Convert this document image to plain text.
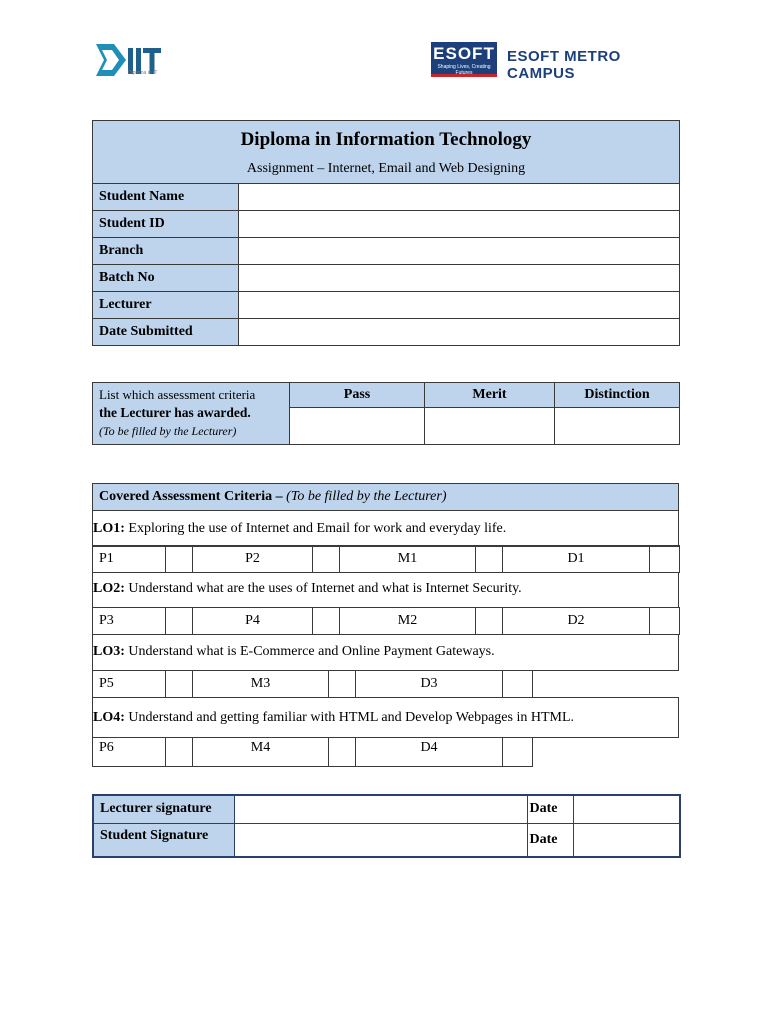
Diploma in IT
ESOFT
Shaping Lives, Creating Futures
ESOFT METRO CAMPUS
Diploma in Information Technology
Assignment – Internet, Email and Web Designing	

Student Name	
Student ID	
Branch	
Batch No	
Lecturer	
Date Submitted	
List which assessment criteria
the Lecturer has awarded.
(To be filled by the Lecturer)	Pass	Merit	Distinction

Covered Assessment Criteria – (To be filled by the Lecturer)
LO1: Exploring the use of Internet and Email for work and everyday life.
P1		P2		M1		D1	
LO2: Understand what are the uses of Internet and what is Internet Security.
P3		P4		M2		D2	
LO3: Understand what is E-Commerce and Online Payment Gateways.
P5		M3		D3	
LO4: Understand and getting familiar with HTML and Develop Webpages in HTML.
P6		M4		D4	
Lecturer signature		Date	
Student Signature		Date	
